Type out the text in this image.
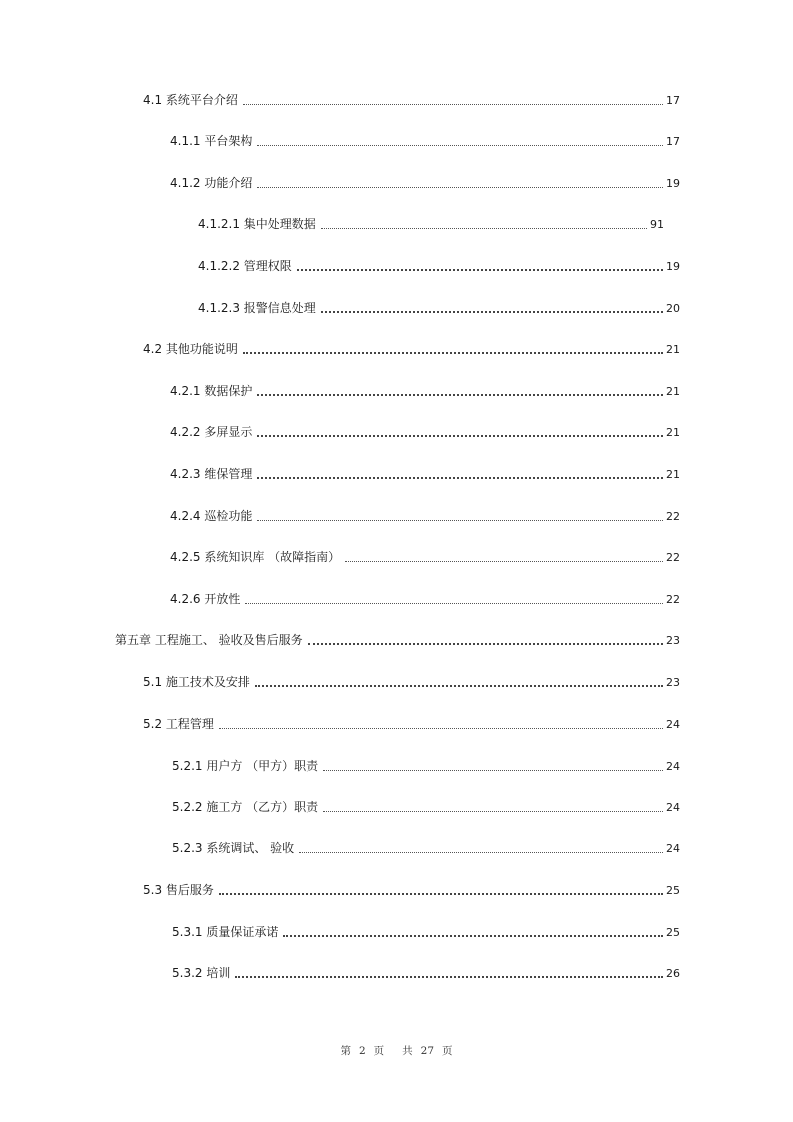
4.1 系统平台介绍	17
4.1.1 平台架构	17
4.1.2 功能介绍	19
4.1.2.1 集中处理数据	91
4.1.2.2 管理权限	19
4.1.2.3 报警信息处理	20
4.2 其他功能说明	21
4.2.1 数据保护	21
4.2.2 多屏显示	21
4.2.3 维保管理	21
4.2.4 巡检功能	22
4.2.5 系统知识库 （故障指南）	22
4.2.6 开放性	22
第五章 工程施工、 验收及售后服务	23
5.1 施工技术及安排	23
5.2 工程管理	24
5.2.1 用户方 （甲方）职责	24
5.2.2 施工方 （乙方）职责	24
5.2.3 系统调试、 验收	24
5.3 售后服务	25
5.3.1 质量保证承诺	25
5.3.2 培训	26
第 2 页 共 27 页
